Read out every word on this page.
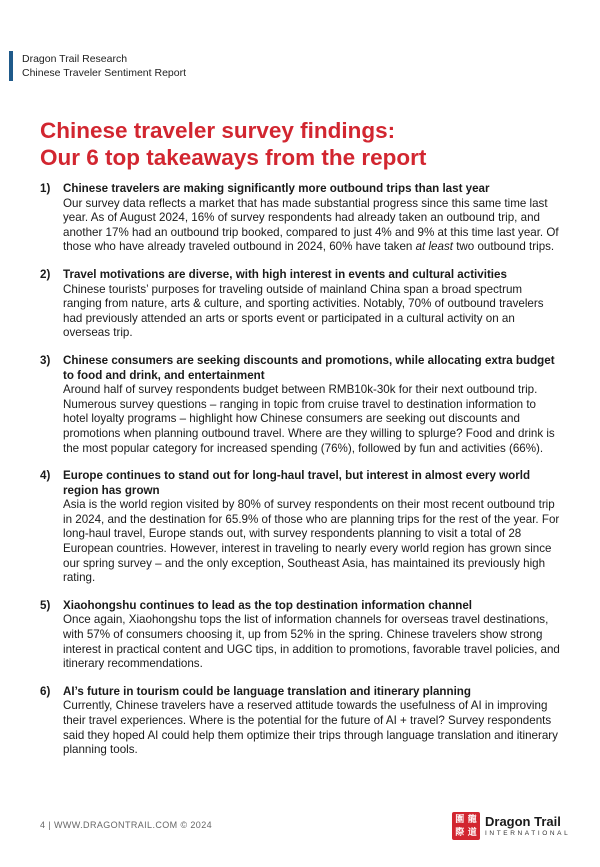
Dragon Trail Research
Chinese Traveler Sentiment Report
Chinese traveler survey findings:
Our 6 top takeaways from the report
1)	Chinese travelers are making significantly more outbound trips than last year
Our survey data reflects a market that has made substantial progress since this same time last year. As of August 2024, 16% of survey respondents had already taken an outbound trip, and another 17% had an outbound trip booked, compared to just 4% and 9% at this time last year. Of those who have already traveled outbound in 2024, 60% have taken at least two outbound trips.
2)	Travel motivations are diverse, with high interest in events and cultural activities
Chinese tourists’ purposes for traveling outside of mainland China span a broad spectrum ranging from nature, arts & culture, and sporting activities. Notably, 70% of outbound travelers had previously attended an arts or sports event or participated in a cultural activity on an overseas trip.
3)	Chinese consumers are seeking discounts and promotions, while allocating extra budget to food and drink, and entertainment
Around half of survey respondents budget between RMB10k-30k for their next outbound trip. Numerous survey questions – ranging in topic from cruise travel to destination information to hotel loyalty programs – highlight how Chinese consumers are seeking out discounts and promotions when planning outbound travel. Where are they willing to splurge? Food and drink is the most popular category for increased spending (76%), followed by fun and activities (66%).
4)	Europe continues to stand out for long-haul travel, but interest in almost every world region has grown
Asia is the world region visited by 80% of survey respondents on their most recent outbound trip in 2024, and the destination for 65.9% of those who are planning trips for the rest of the year. For long-haul travel, Europe stands out, with survey respondents planning to visit a total of 28 European countries. However, interest in traveling to nearly every world region has grown since our spring survey – and the only exception, Southeast Asia, has maintained its previously high rating.
5)	Xiaohongshu continues to lead as the top destination information channel
Once again, Xiaohongshu tops the list of information channels for overseas travel destinations, with 57% of consumers choosing it, up from 52% in the spring. Chinese travelers show strong interest in practical content and UGC tips, in addition to promotions, favorable travel policies, and itinerary recommendations.
6)	AI’s future in tourism could be language translation and itinerary planning
Currently, Chinese travelers have a reserved attitude towards the usefulness of AI in improving their travel experiences. Where is the potential for the future of AI + travel? Survey respondents said they hoped AI could help them optimize their trips through language translation and itinerary planning tools.
4 | WWW.DRAGONTRAIL.COM © 2024
圍 龍
際 道
Dragon Trail
INTERNATIONAL
